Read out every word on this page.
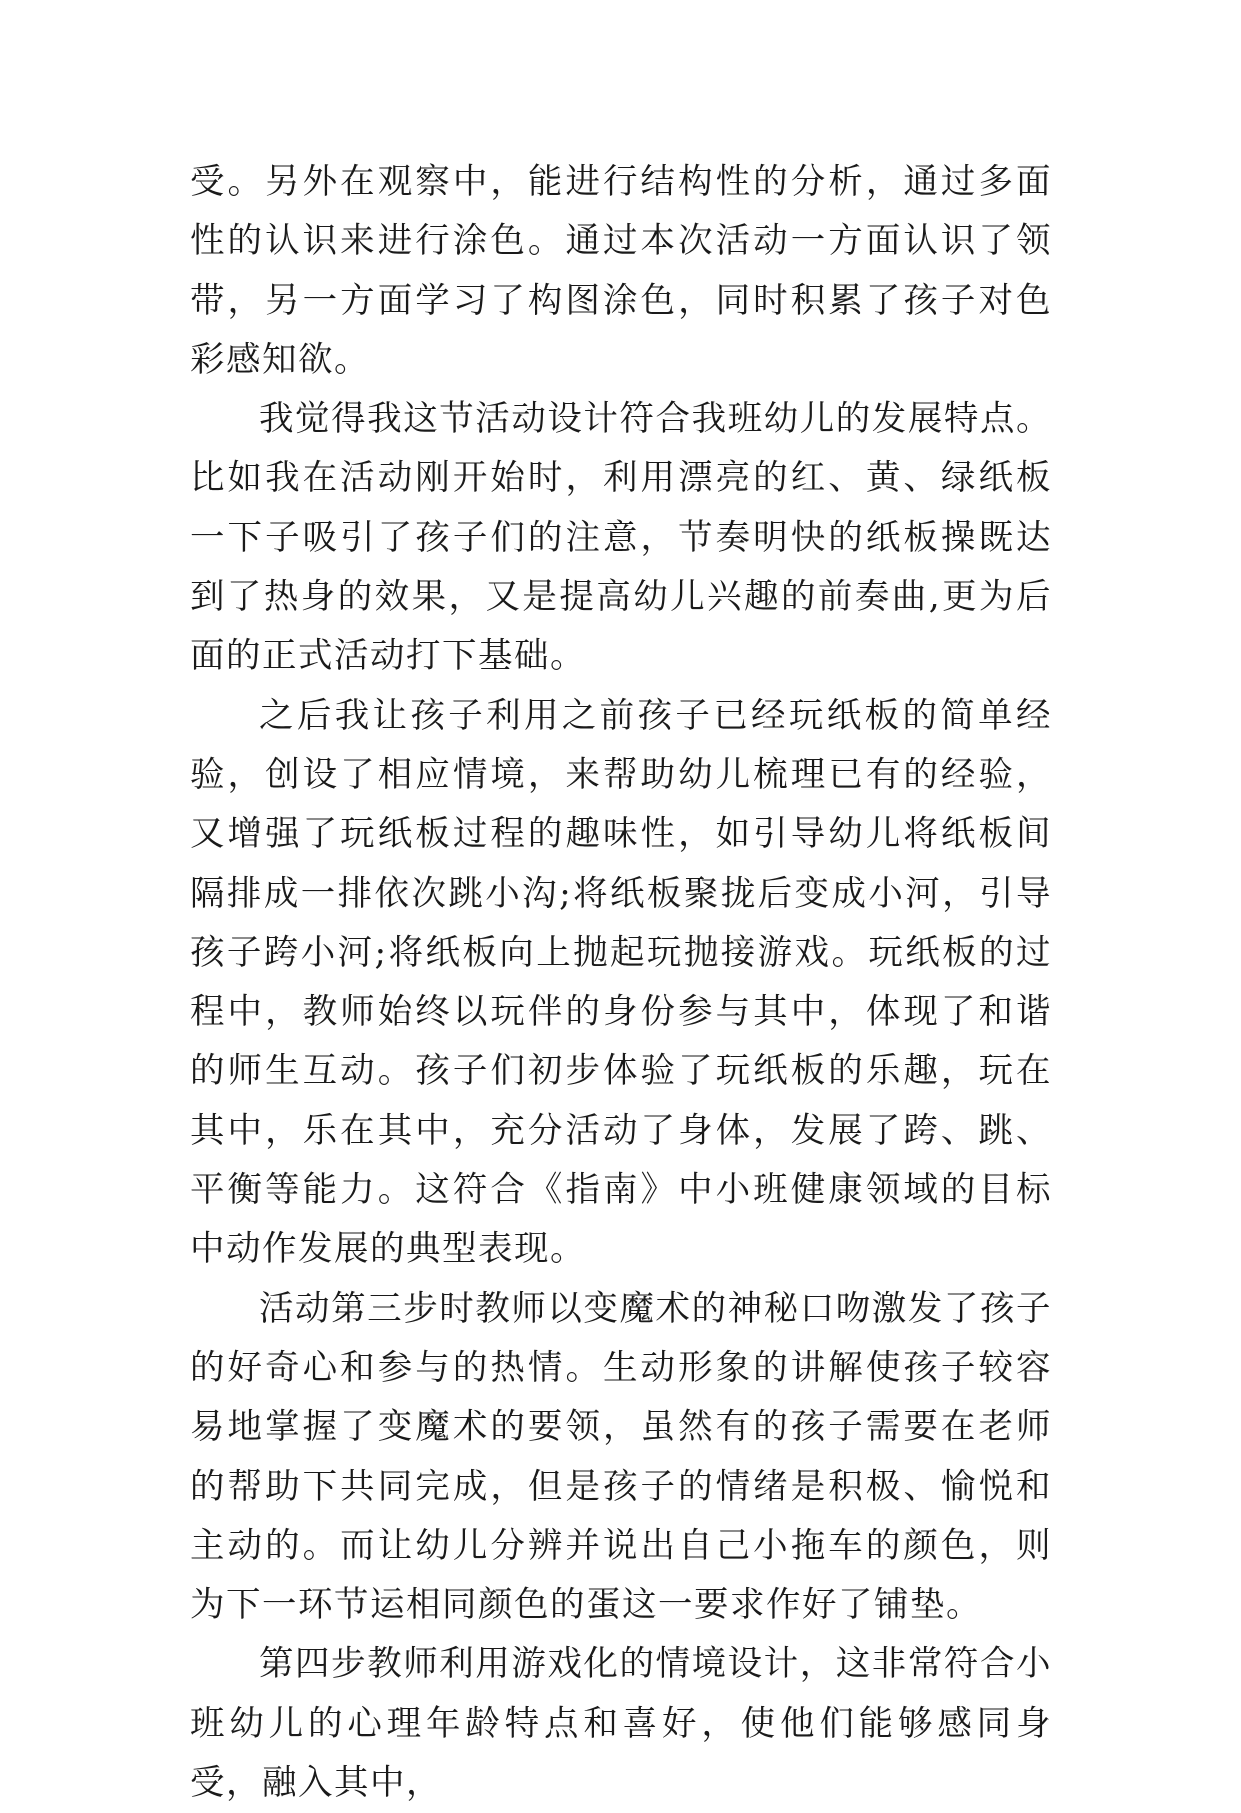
受。另外在观察中，能进行结构性的分析，通过多面性的认识来进行涂色。通过本次活动一方面认识了领带，另一方面学习了构图涂色，同时积累了孩子对色彩感知欲。

我觉得我这节活动设计符合我班幼儿的发展特点。比如我在活动刚开始时，利用漂亮的红、黄、绿纸板一下子吸引了孩子们的注意，节奏明快的纸板操既达到了热身的效果，又是提高幼儿兴趣的前奏曲,更为后面的正式活动打下基础。

之后我让孩子利用之前孩子已经玩纸板的简单经验，创设了相应情境，来帮助幼儿梳理已有的经验，又增强了玩纸板过程的趣味性，如引导幼儿将纸板间隔排成一排依次跳小沟;将纸板聚拢后变成小河，引导孩子跨小河;将纸板向上抛起玩抛接游戏。玩纸板的过程中，教师始终以玩伴的身份参与其中，体现了和谐的师生互动。孩子们初步体验了玩纸板的乐趣，玩在其中，乐在其中，充分活动了身体，发展了跨、跳、平衡等能力。这符合《指南》中小班健康领域的目标中动作发展的典型表现。

活动第三步时教师以变魔术的神秘口吻激发了孩子的好奇心和参与的热情。生动形象的讲解使孩子较容易地掌握了变魔术的要领，虽然有的孩子需要在老师的帮助下共同完成，但是孩子的情绪是积极、愉悦和主动的。而让幼儿分辨并说出自己小拖车的颜色，则为下一环节运相同颜色的蛋这一要求作好了铺垫。

第四步教师利用游戏化的情境设计，这非常符合小班幼儿的心理年龄特点和喜好，使他们能够感同身受，融入其中，
